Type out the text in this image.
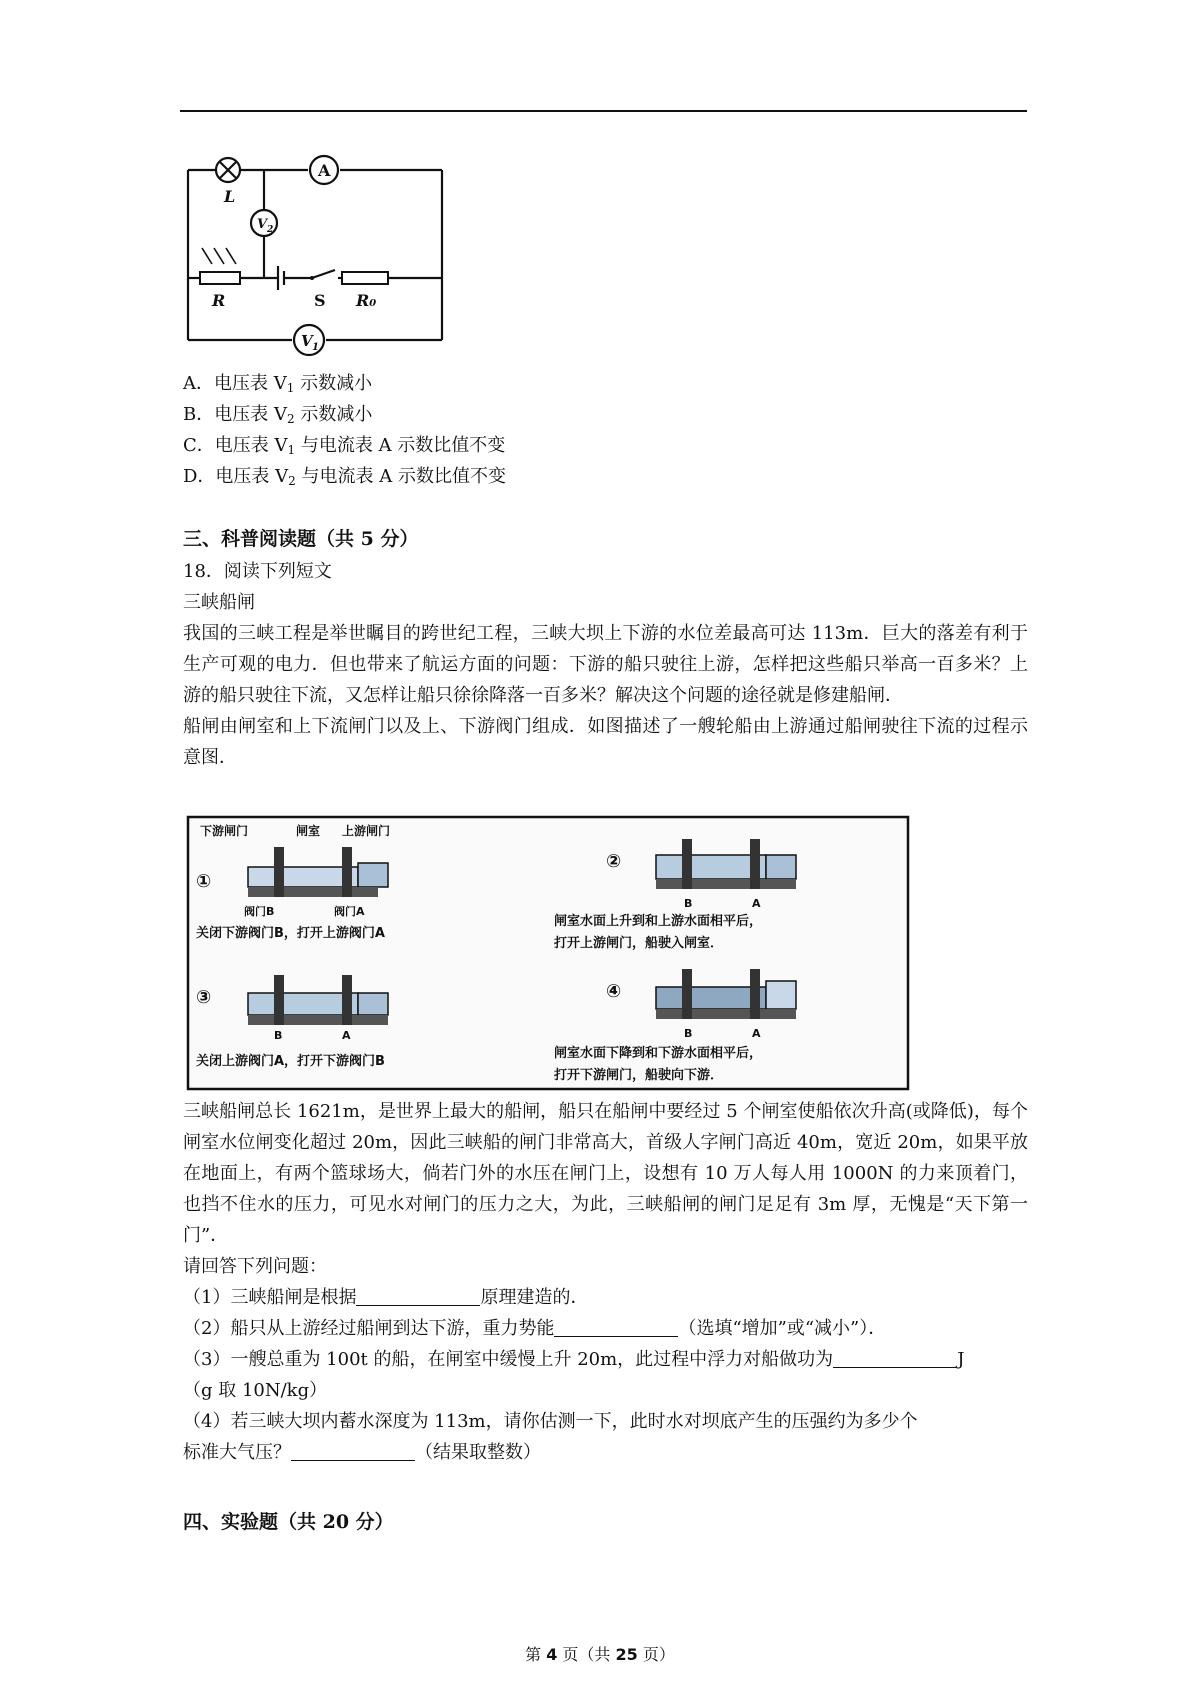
L
A
V 2
V 1
R	S R₀
A．电压表 $V_1$ 示数减小
B．电压表 $V_2$ 示数减小
C．电压表 $V_1$ 与电流表 A 示数比值不变
D．电压表 $V_2$ 与电流表 A 示数比值不变
三、科普阅读题（共 5 分）
18．阅读下列短文
三峡船闸
我国的三峡工程是举世瞩目的跨世纪工程，三峡大坝上下游的水位差最高可达 113m．巨大的落差有利于生产可观的电力．但也带来了航运方面的问题：下游的船只驶往上游，怎样把这些船只举高一百多米？上游的船只驶往下流，又怎样让船只徐徐降落一百多米？解决这个问题的途径就是修建船闸．
船闸由闸室和上下流闸门以及上、下游阀门组成．如图描述了一艘轮船由上游通过船闸驶往下流的过程示意图．
下游闸门	闸室 上游闸门
①
阀门B	阀门A
关闭下游阀门B，打开上游阀门A
②
B	A
闸室水面上升到和上游水面相平后，
打开上游闸门，船驶入闸室．
③
B	A
关闭上游阀门A，打开下游阀门B
④
B	A
闸室水面下降到和下游水面相平后，
打开下游闸门，船驶向下游．
三峡船闸总长 1621m，是世界上最大的船闸，船只在船闸中要经过 5 个闸室使船依次升高(或降低)，每个闸室水位闸变化超过 20m，因此三峡船的闸门非常高大，首级人字闸门高近 40m，宽近 20m，如果平放在地面上，有两个篮球场大，倘若门外的水压在闸门上，设想有 10 万人每人用 1000N 的力来顶着门，也挡不住水的压力，可见水对闸门的压力之大，为此，三峡船闸的闸门足足有 3m 厚，无愧是“天下第一门”．
请回答下列问题：
（1）三峡船闸是根据	原理建造的．
（2）船只从上游经过船闸到达下游，重力势能	（选填“增加”或“减小”）．
（3）一艘总重为 100t 的船，在闸室中缓慢上升 20m，此过程中浮力对船做功为	J
（g 取 10N/kg）
（4）若三峡大坝内蓄水深度为 113m，请你估测一下，此时水对坝底产生的压强约为多少个
标准大气压？	（结果取整数）
四、实验题（共 20 分）
第 4 页（共 25 页）
